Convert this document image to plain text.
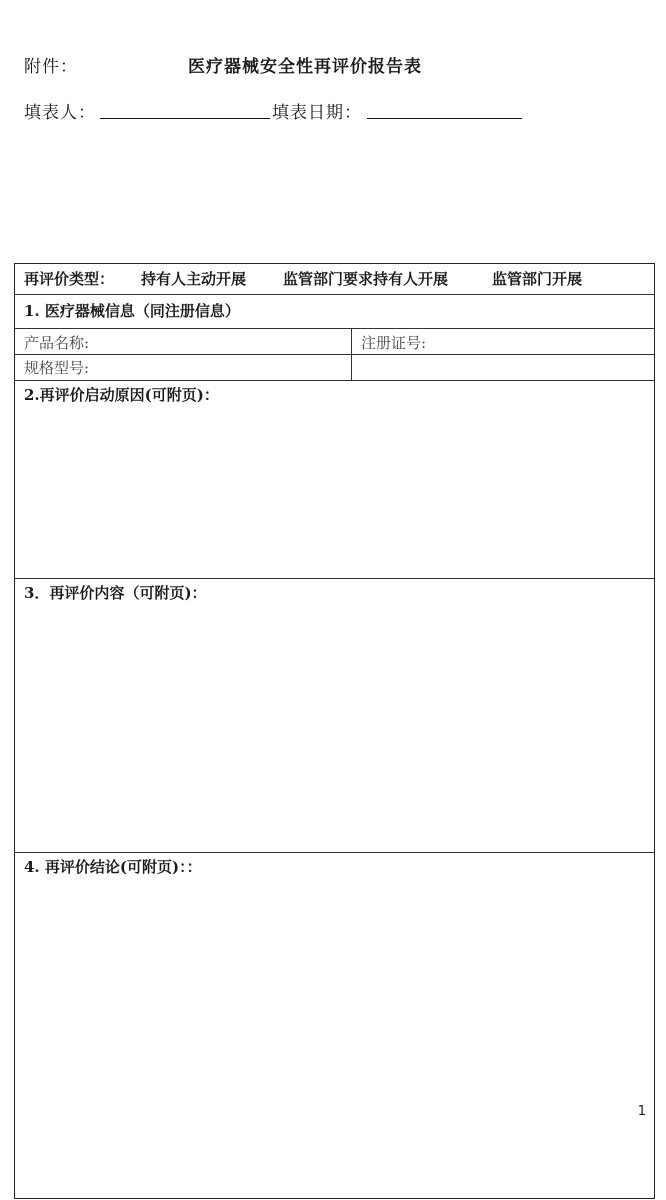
附件：	医疗器械安全性再评价报告表
填表人：	填表日期：
再评价类型： 持有人主动开展 监管部门要求持有人开展	监管部门开展
1. 医疗器械信息（同注册信息）
产品名称:	注册证号:
规格型号:
2.再评价启动原因(可附页)：
3．再评价内容（可附页)：
4. 再评价结论(可附页)：：
1
